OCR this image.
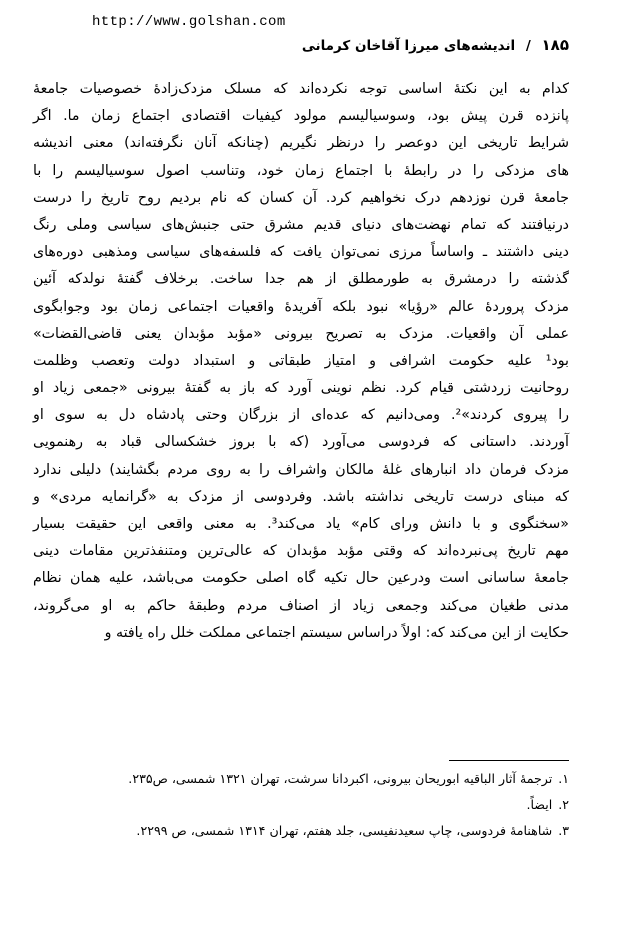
http://www.golshan.com
۱۸۵ / اندیشه‌های میرزا آقاخان کرمانی
کدام به این نکتهٔ اساسی توجه نکرده‌اند که مسلک مزدک‌زادهٔ خصوصیات جامعهٔ
پانزده قرن پیش بود، وسوسیالیسم مولود کیفیات اقتصادی اجتماع زمان ما. اگر
شرایط تاریخی این دوعصر را درنظر نگیریم (چنانکه آنان نگرفته‌اند) معنی اندیشه
های مزدکی را در رابطهٔ با اجتماع زمان خود، وتناسب اصول سوسیالیسم را با
جامعهٔ قرن نوزدهم درک نخواهیم کرد. آن کسان که نام بردیم روح تاریخ را درست
درنیافتند که تمام نهضت‌های دنیای قدیم مشرق حتی جنبش‌های سیاسی وملی رنگ
دینی داشتند ـ واساساً مرزی نمی‌توان یافت که فلسفه‌های سیاسی ومذهبی دوره‌های
گذشته را درمشرق به طورمطلق از هم جدا ساخت. برخلاف گفتهٔ نولدکه آئین
مزدک پروردهٔ عالم «رؤیا» نبود بلکه آفریدهٔ واقعیات اجتماعی زمان بود وجوابگوی
عملی آن واقعیات. مزدک به تصریح بیرونی «مؤبد مؤبدان یعنی قاضی‌القضات»
بود¹ علیه حکومت اشرافی و امتیاز طبقاتی و استبداد دولت وتعصب وظلمت
روحانیت زردشتی قیام کرد. نظم نوینی آورد که باز به گفتهٔ بیرونی «جمعی زیاد او
را پیروی کردند»². ومی‌دانیم که عده‌ای از بزرگان وحتی پادشاه دل به سوی او
آوردند. داستانی که فردوسی می‌آورد (که با بروز خشکسالی قباد به رهنمویی
مزدک فرمان داد انبارهای غلهٔ مالکان واشراف را به روی مردم بگشایند) دلیلی ندارد
که مبنای درست تاریخی نداشته باشد. وفردوسی از مزدک به «گرانمایه مردی» و
«سخنگوی و با دانش ورای کام» یاد می‌کند³. به معنی واقعی این حقیقت بسیار
مهم تاریخ پی‌نبرده‌اند که وقتی مؤبد مؤبدان که عالی‌ترین ومتنفذترین مقامات دینی
جامعهٔ ساسانی است ودرعین حال تکیه گاه اصلی حکومت می‌باشد، علیه همان نظام
مدنی طغیان می‌کند وجمعی زیاد از اصناف مردم وطبقهٔ حاکم به او می‌گروند،
حکایت از این می‌کند که: اولاً دراساس سیستم اجتماعی مملکت خلل راه یافته و
۱.ترجمهٔ آثار الباقیه ابوریحان بیرونی، اکبردانا سرشت، تهران ۱۳۲۱ شمسی، ص۲۳۵.
۲.ایضاً.
۳.شاهنامهٔ فردوسی، چاپ سعیدنفیسی، جلد هفتم، تهران ۱۳۱۴ شمسی، ص ۲۲۹۹.
